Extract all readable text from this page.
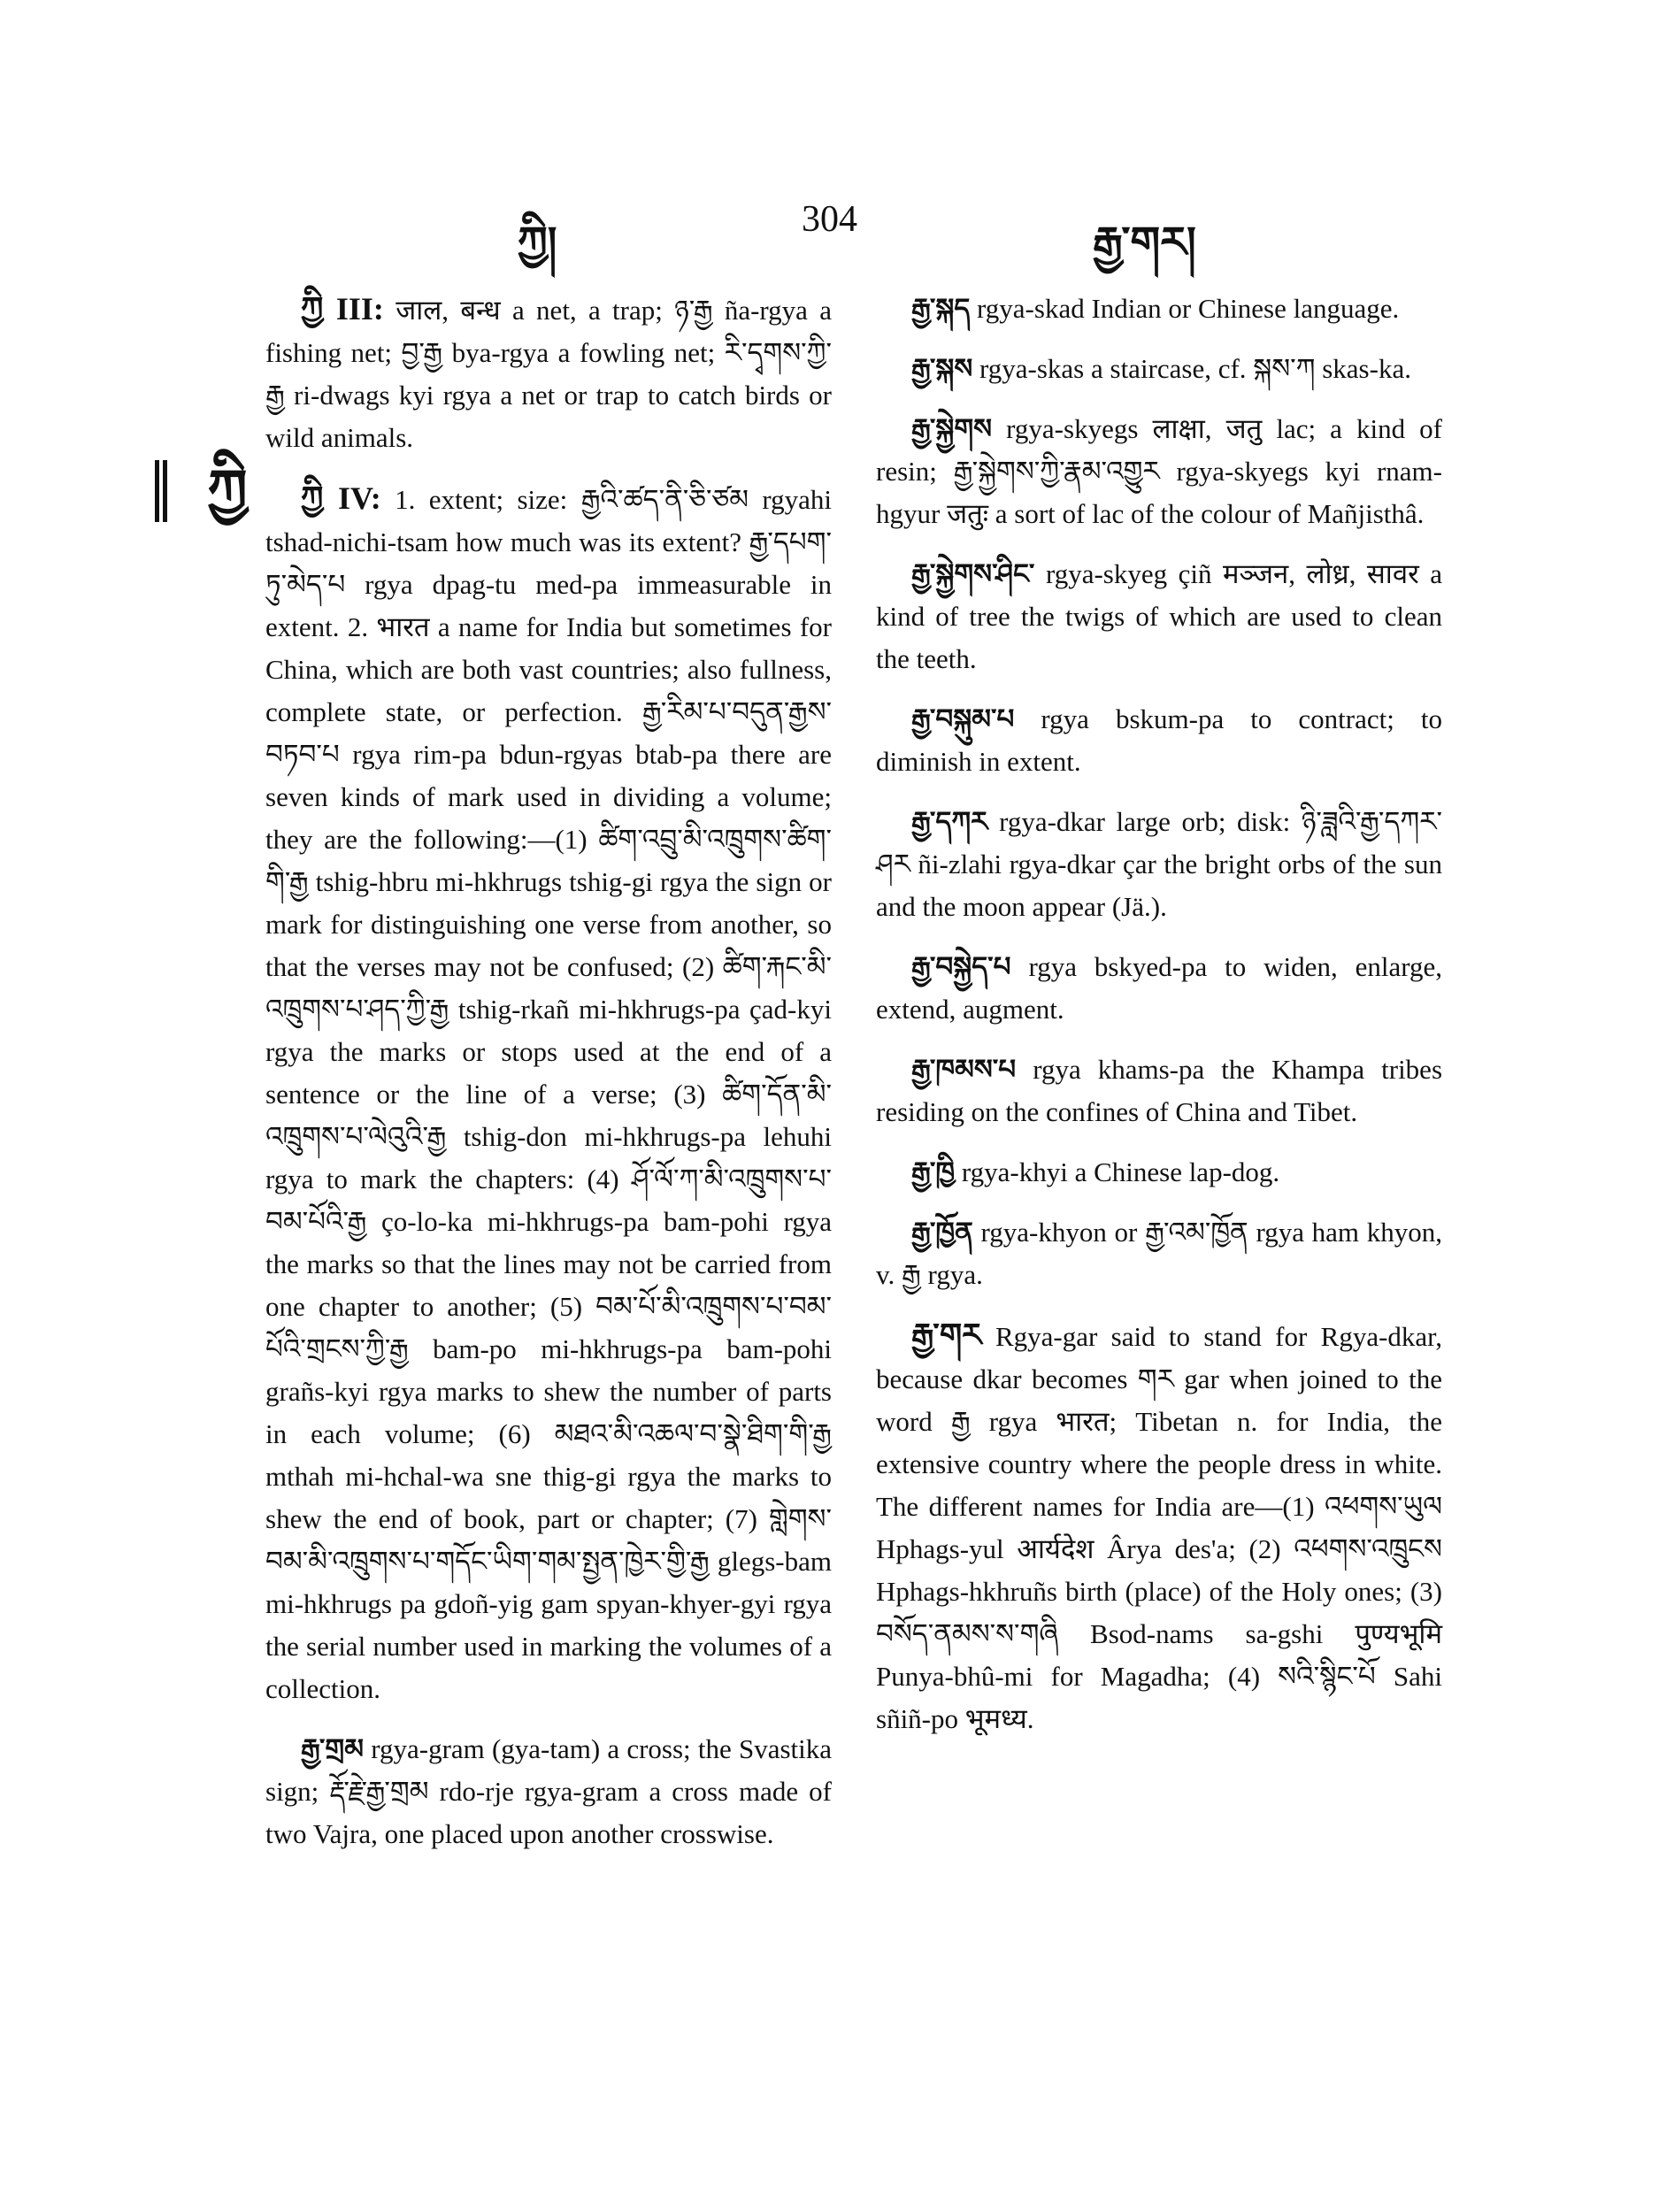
ཀྱི།	304	རྒྱ་གར།
ཀྱི

ཀྱི III: जाल, बन्ध a net, a trap; ཉ་རྒྱ ña-rgya a fishing net; བྱ་རྒྱ bya-rgya a fowling net; རི་དྭགས་ཀྱི་རྒྱ ri-dwags kyi rgya a net or trap to catch birds or wild animals.

ཀྱི IV: 1. extent; size: རྒྱའི་ཚད་ནི་ཅི་ཙམ rgyahi tshad-nichi-tsam how much was its extent? རྒྱ་དཔག་ཏུ་མེད་པ rgya dpag-tu med-pa immeasurable in extent. 2. भारत a name for India but sometimes for China, which are both vast countries; also fullness, complete state, or perfection. རྒྱ་རིམ་པ་བདུན་རྒྱས་བཏབ་པ rgya rim-pa bdun-rgyas btab-pa there are seven kinds of mark used in dividing a volume; they are the following:—(1) ཚིག་འབྲུ་མི་འཁྲུགས་ཚིག་གི་རྒྱ tshig-hbru mi-hkhrugs tshig-gi rgya the sign or mark for distinguishing one verse from another, so that the verses may not be confused; (2) ཚིག་རྐང་མི་འཁྲུགས་པ་ཤད་ཀྱི་རྒྱ tshig-rkañ mi-hkhrugs-pa çad-kyi rgya the marks or stops used at the end of a sentence or the line of a verse; (3) ཚིག་དོན་མི་འཁྲུགས་པ་ལེའུའི་རྒྱ tshig-don mi-hkhrugs-pa lehuhi rgya to mark the chapters: (4) ཤོ་ལོ་ཀ་མི་འཁྲུགས་པ་བམ་པོའི་རྒྱ ço-lo-ka mi-hkhrugs-pa bam-pohi rgya the marks so that the lines may not be carried from one chapter to another; (5) བམ་པོ་མི་འཁྲུགས་པ་བམ་པོའི་གྲངས་ཀྱི་རྒྱ bam-po mi-hkhrugs-pa bam-pohi grañs-kyi rgya marks to shew the number of parts in each volume; (6) མཐའ་མི་འཆལ་བ་སྣེ་ཐིག་གི་རྒྱ mthah mi-hchal-wa sne thig-gi rgya the marks to shew the end of book, part or chapter; (7) གླེགས་བམ་མི་འཁྲུགས་པ་གདོང་ཡིག་གམ་སྤྱན་ཁྱེར་གྱི་རྒྱ glegs-bam mi-hkhrugs pa gdoñ-yig gam spyan-khyer-gyi rgya the serial number used in marking the volumes of a collection.

རྒྱ་གྲམ rgya-gram (gya-tam) a cross; the Svastika sign; རྡོ་རྗེ་རྒྱ་གྲམ rdo-rje rgya-gram a cross made of two Vajra, one placed upon another crosswise.

རྒྱ་སྐད rgya-skad Indian or Chinese language.

རྒྱ་སྐས rgya-skas a staircase, cf. སྐས་ཀ skas-ka.

རྒྱ་སྐྱེགས rgya-skyegs लाक्षा, जतु lac; a kind of resin; རྒྱ་སྐྱེགས་ཀྱི་རྣམ་འགྱུར rgya-skyegs kyi rnam-hgyur जतुः a sort of lac of the colour of Mañjisthâ.

རྒྱ་སྐྱེགས་ཤིང་ rgya-skyeg çiñ मञ्जन, लोध्र, सावर a kind of tree the twigs of which are used to clean the teeth.

རྒྱ་བསྐུམ་པ rgya bskum-pa to contract; to diminish in extent.

རྒྱ་དཀར rgya-dkar large orb; disk: ཉི་ཟླའི་རྒྱ་དཀར་ཤར ñi-zlahi rgya-dkar çar the bright orbs of the sun and the moon appear (Jä.).

རྒྱ་བསྐྱེད་པ rgya bskyed-pa to widen, enlarge, extend, augment.

རྒྱ་ཁམས་པ rgya khams-pa the Khampa tribes residing on the confines of China and Tibet.

རྒྱ་ཁྱི rgya-khyi a Chinese lap-dog.

རྒྱ་ཁྱོན rgya-khyon or རྒྱ་འམ་ཁྱོན rgya ham khyon, v. རྒྱ rgya.

རྒྱ་གར Rgya-gar said to stand for Rgya-dkar, because dkar becomes གར gar when joined to the word རྒྱ rgya भारत; Tibetan n. for India, the extensive country where the people dress in white. The different names for India are—(1) འཕགས་ཡུལ Hphags-yul आर्यदेश Ârya des'a; (2) འཕགས་འཁྲུངས Hphags-hkhruñs birth (place) of the Holy ones; (3) བསོད་ནམས་ས་གཞི Bsod-nams sa-gshi पुण्यभूमि Punya-bhû-mi for Magadha; (4) སའི་སྙིང་པོ Sahi sñiñ-po भूमध्य.
